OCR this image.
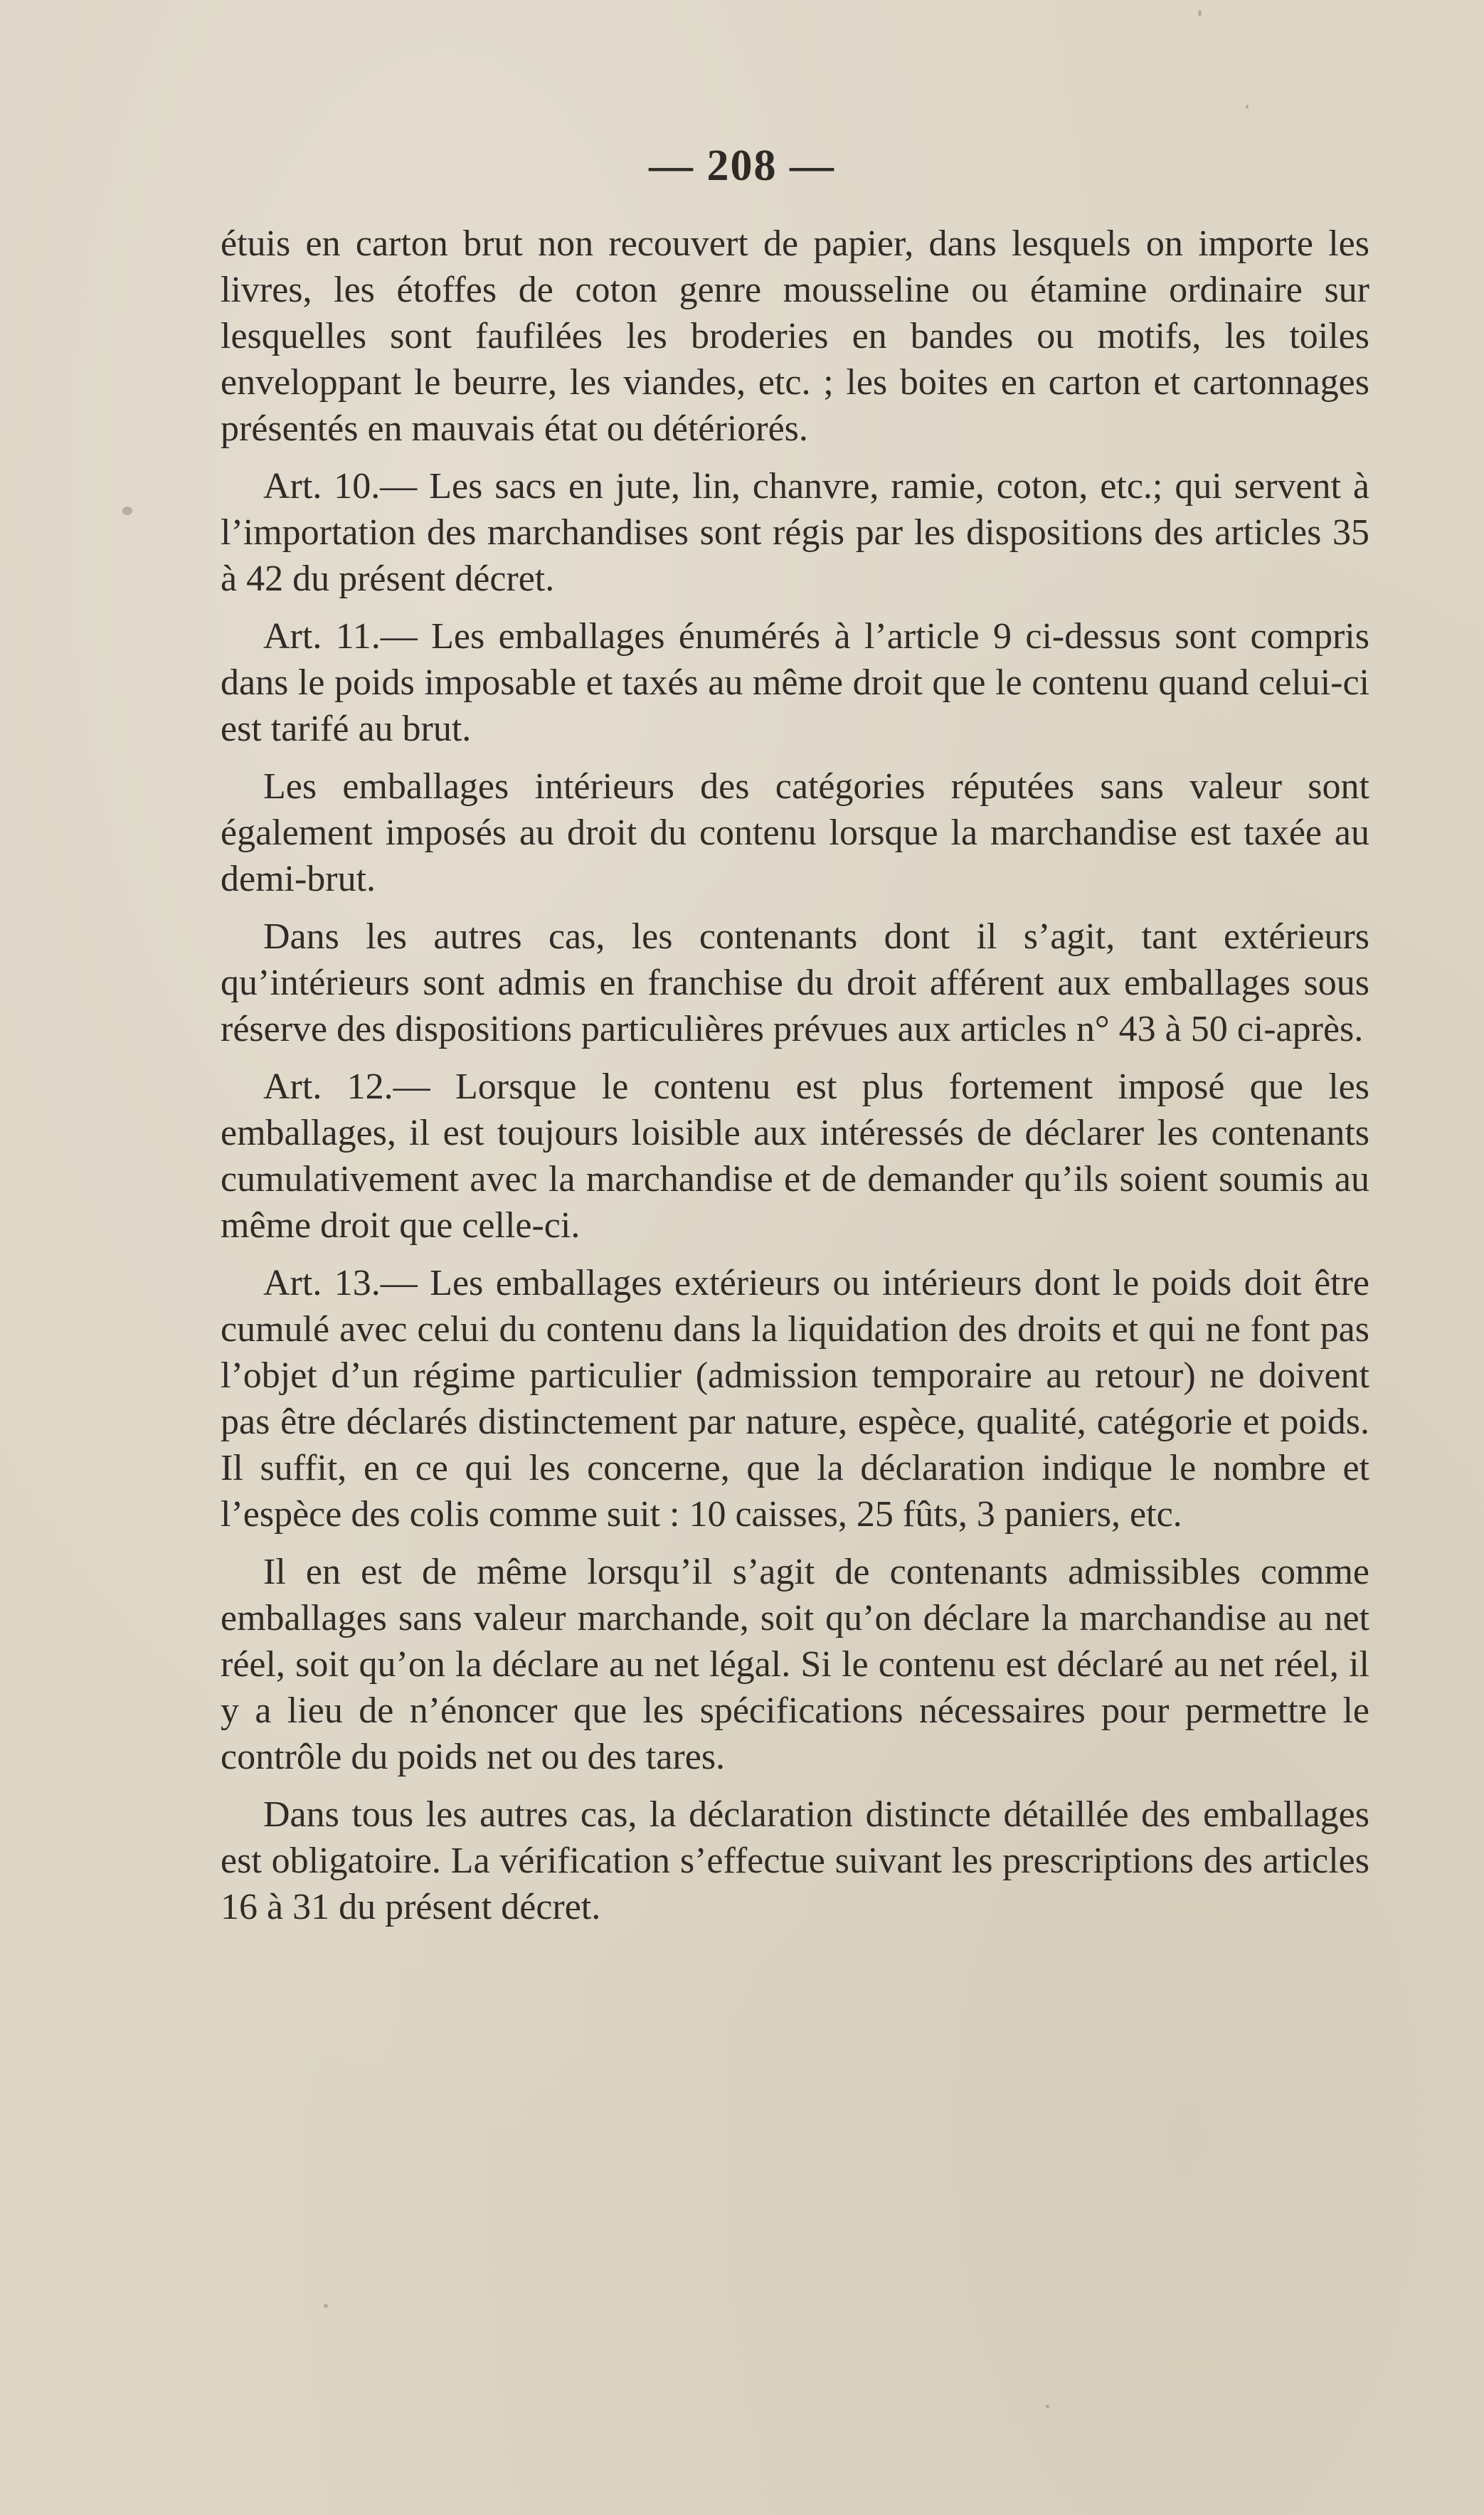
— 208 —

étuis en carton brut non recouvert de papier, dans lesquels on importe les livres, les étoffes de coton genre mousseline ou étamine ordinaire sur lesquelles sont faufilées les broderies en bandes ou motifs, les toiles enveloppant le beurre, les viandes, etc. ; les boites en carton et cartonnages présentés en mauvais état ou détériorés.

Art. 10.— Les sacs en jute, lin, chanvre, ramie, coton, etc.; qui servent à l’importation des marchandises sont régis par les dispositions des articles 35 à 42 du présent décret.

Art. 11.— Les emballages énumérés à l’article 9 ci-dessus sont compris dans le poids imposable et taxés au même droit que le contenu quand celui-ci est tarifé au brut.

Les emballages intérieurs des catégories réputées sans valeur sont également imposés au droit du contenu lorsque la marchandise est taxée au demi-brut.

Dans les autres cas, les contenants dont il s’agit, tant extérieurs qu’intérieurs sont admis en franchise du droit afférent aux emballages sous réserve des dispositions particulières prévues aux articles n° 43 à 50 ci-après.

Art. 12.— Lorsque le contenu est plus fortement imposé que les emballages, il est toujours loisible aux intéressés de déclarer les contenants cumulativement avec la marchandise et de demander qu’ils soient soumis au même droit que celle-ci.

Art. 13.— Les emballages extérieurs ou intérieurs dont le poids doit être cumulé avec celui du contenu dans la liquidation des droits et qui ne font pas l’objet d’un régime particulier (admission temporaire au retour) ne doivent pas être déclarés distinctement par nature, espèce, qualité, catégorie et poids. Il suffit, en ce qui les concerne, que la déclaration indique le nombre et l’espèce des colis comme suit : 10 caisses, 25 fûts, 3 paniers, etc.

Il en est de même lorsqu’il s’agit de contenants admissibles comme emballages sans valeur marchande, soit qu’on déclare la marchandise au net réel, soit qu’on la déclare au net légal. Si le contenu est déclaré au net réel, il y a lieu de n’énoncer que les spécifications nécessaires pour permettre le contrôle du poids net ou des tares.

Dans tous les autres cas, la déclaration distincte détaillée des emballages est obligatoire. La vérification s’effectue suivant les prescriptions des articles 16 à 31 du présent décret.
